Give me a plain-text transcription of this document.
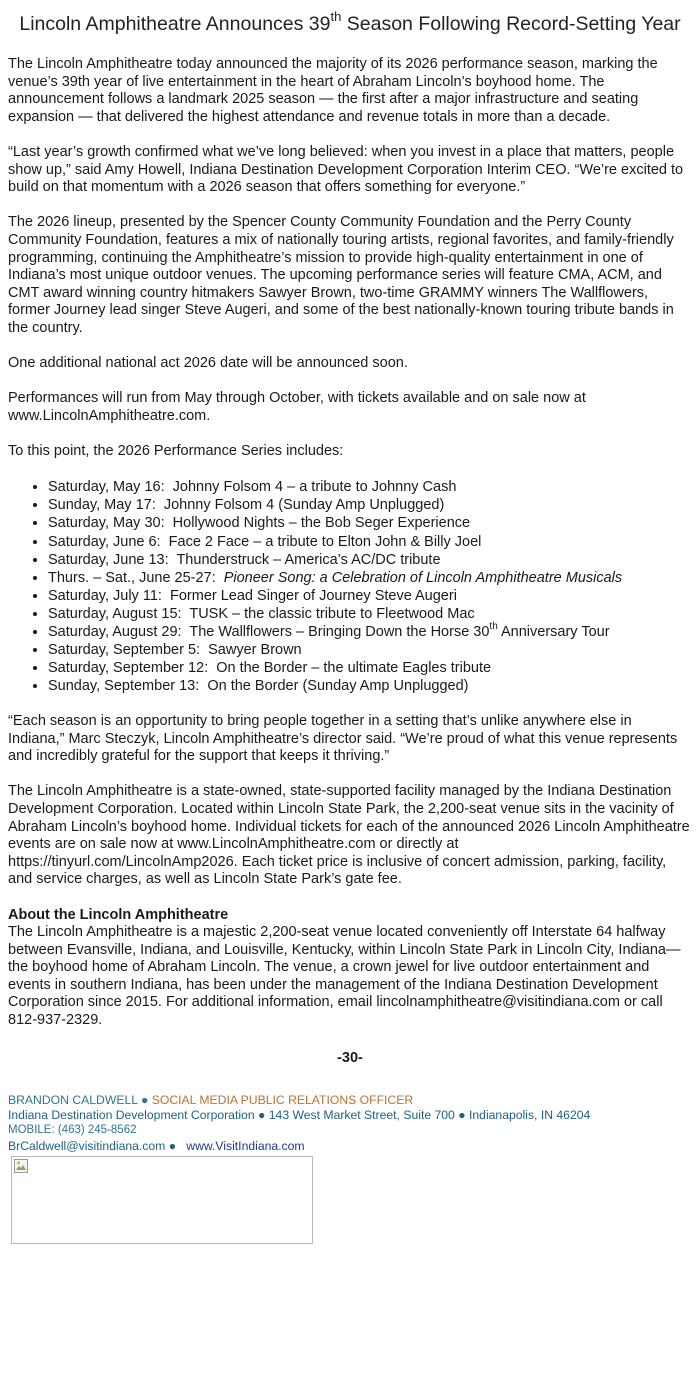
Lincoln Amphitheatre Announces 39th Season Following Record-Setting Year

The Lincoln Amphitheatre today announced the majority of its 2026 performance season, marking the venue’s 39th year of live entertainment in the heart of Abraham Lincoln’s boyhood home. The announcement follows a landmark 2025 season — the first after a major infrastructure and seating expansion — that delivered the highest attendance and revenue totals in more than a decade.

“Last year’s growth confirmed what we’ve long believed: when you invest in a place that matters, people show up,” said Amy Howell, Indiana Destination Development Corporation Interim CEO. “We’re excited to build on that momentum with a 2026 season that offers something for everyone.”

The 2026 lineup, presented by the Spencer County Community Foundation and the Perry County Community Foundation, features a mix of nationally touring artists, regional favorites, and family-friendly programming, continuing the Amphitheatre’s mission to provide high-quality entertainment in one of Indiana’s most unique outdoor venues. The upcoming performance series will feature CMA, ACM, and CMT award winning country hitmakers Sawyer Brown, two-time GRAMMY winners The Wallflowers, former Journey lead singer Steve Augeri, and some of the best nationally-known touring tribute bands in the country.

One additional national act 2026 date will be announced soon.

Performances will run from May through October, with tickets available and on sale now at www.LincolnAmphitheatre.com.

To this point, the 2026 Performance Series includes:

• Saturday, May 16: Johnny Folsom 4 – a tribute to Johnny Cash
• Sunday, May 17: Johnny Folsom 4 (Sunday Amp Unplugged)
• Saturday, May 30: Hollywood Nights – the Bob Seger Experience
• Saturday, June 6: Face 2 Face – a tribute to Elton John & Billy Joel
• Saturday, June 13: Thunderstruck – America’s AC/DC tribute
• Thurs. – Sat., June 25-27: Pioneer Song: a Celebration of Lincoln Amphitheatre Musicals
• Saturday, July 11: Former Lead Singer of Journey Steve Augeri
• Saturday, August 15: TUSK – the classic tribute to Fleetwood Mac
• Saturday, August 29: The Wallflowers – Bringing Down the Horse 30th Anniversary Tour
• Saturday, September 5: Sawyer Brown
• Saturday, September 12: On the Border – the ultimate Eagles tribute
• Sunday, September 13: On the Border (Sunday Amp Unplugged)

“Each season is an opportunity to bring people together in a setting that’s unlike anywhere else in Indiana,” Marc Steczyk, Lincoln Amphitheatre’s director said. “We’re proud of what this venue represents and incredibly grateful for the support that keeps it thriving.”

The Lincoln Amphitheatre is a state-owned, state-supported facility managed by the Indiana Destination Development Corporation. Located within Lincoln State Park, the 2,200-seat venue sits in the vacinity of Abraham Lincoln’s boyhood home. Individual tickets for each of the announced 2026 Lincoln Amphitheatre events are on sale now at www.LincolnAmphitheatre.com or directly at https://tinyurl.com/LincolnAmp2026. Each ticket price is inclusive of concert admission, parking, facility, and service charges, as well as Lincoln State Park’s gate fee.

About the Lincoln Amphitheatre

The Lincoln Amphitheatre is a majestic 2,200-seat venue located conveniently off Interstate 64 halfway between Evansville, Indiana, and Louisville, Kentucky, within Lincoln State Park in Lincoln City, Indiana—the boyhood home of Abraham Lincoln. The venue, a crown jewel for live outdoor entertainment and events in southern Indiana, has been under the management of the Indiana Destination Development Corporation since 2015. For additional information, email lincolnamphitheatre@visitindiana.com or call 812-937-2329.

-30-

BRANDON CALDWELL ● SOCIAL MEDIA PUBLIC RELATIONS OFFICER
Indiana Destination Development Corporation ● 143 West Market Street, Suite 700 ● Indianapolis, IN 46204
MOBILE: (463) 245-8562
BrCaldwell@visitindiana.com ● www.VisitIndiana.com
